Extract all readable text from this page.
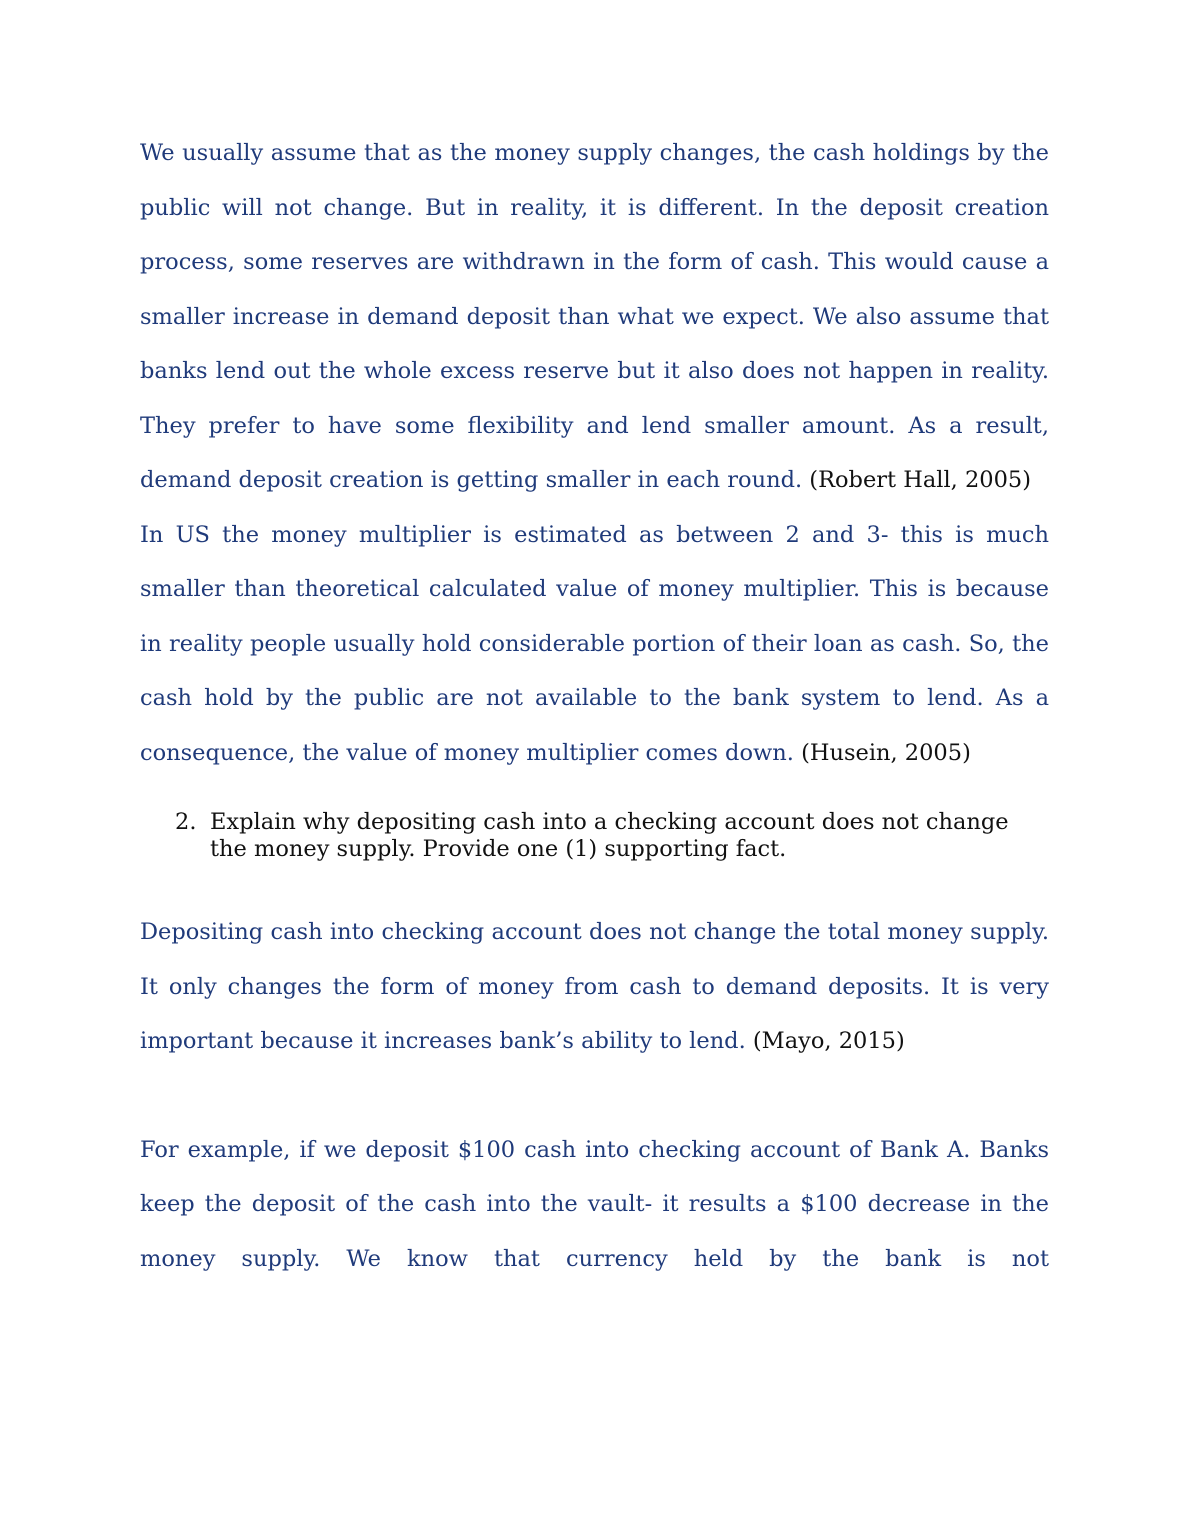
We usually assume that as the money supply changes, the cash holdings by the public will not change. But in reality, it is different. In the deposit creation process, some reserves are withdrawn in the form of cash. This would cause a smaller increase in demand deposit than what we expect. We also assume that banks lend out the whole excess reserve but it also does not happen in reality. They prefer to have some flexibility and lend smaller amount. As a result, demand deposit creation is getting smaller in each round. (Robert Hall, 2005)

In US the money multiplier is estimated as between 2 and 3- this is much smaller than theoretical calculated value of money multiplier. This is because in reality people usually hold considerable portion of their loan as cash. So, the cash hold by the public are not available to the bank system to lend. As a consequence, the value of money multiplier comes down. (Husein, 2005)

2. Explain why depositing cash into a checking account does not change the money supply. Provide one (1) supporting fact.

Depositing cash into checking account does not change the total money supply. It only changes the form of money from cash to demand deposits. It is very important because it increases bank’s ability to lend. (Mayo, 2015)

For example, if we deposit $100 cash into checking account of Bank A. Banks keep the deposit of the cash into the vault- it results a $100 decrease in the money supply. We know that currency held by the bank is not
